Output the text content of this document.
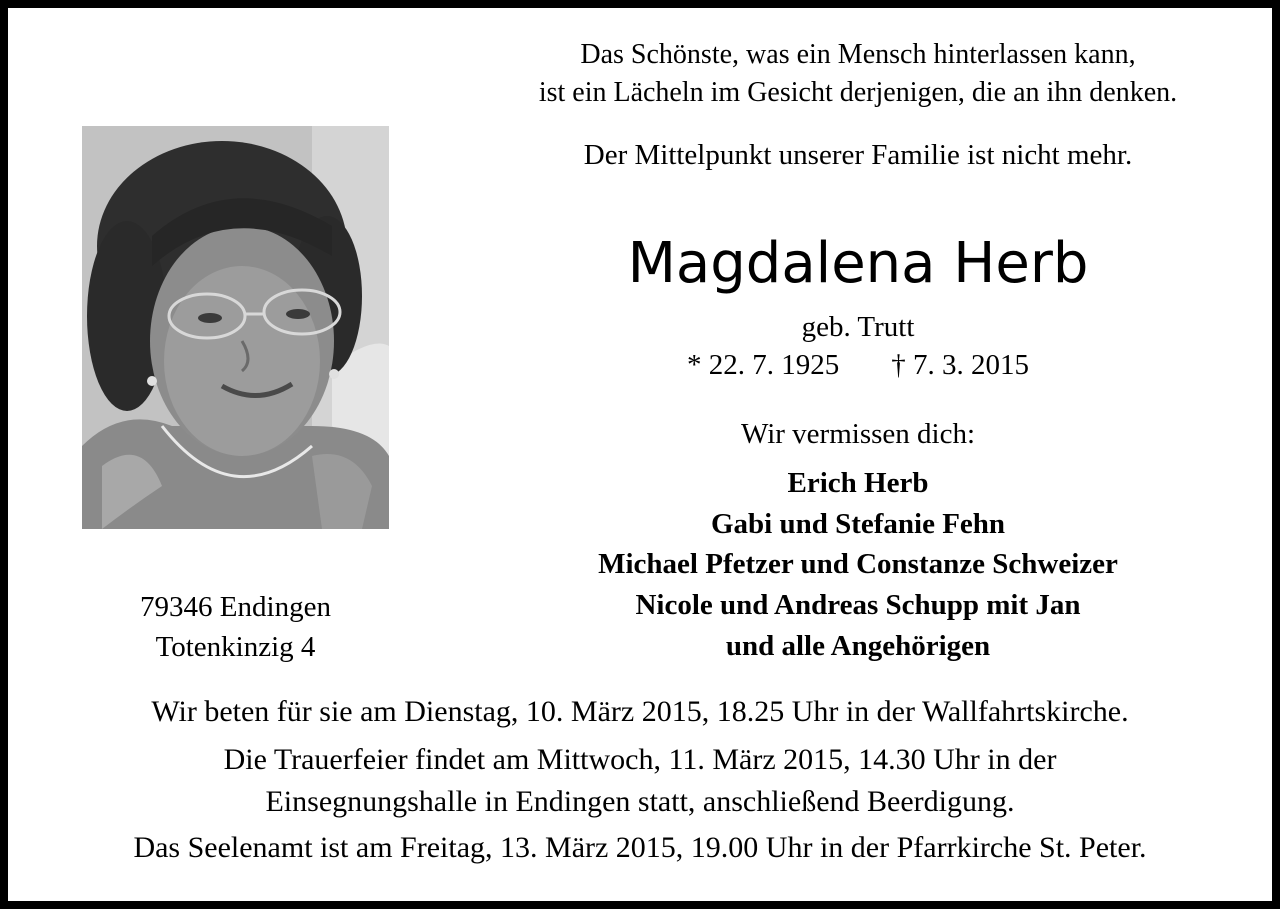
Das Schönste, was ein Mensch hinterlassen kann,
ist ein Lächeln im Gesicht derjenigen, die an ihn denken.
Der Mittelpunkt unserer Familie ist nicht mehr.
Magdalena Herb
geb. Trutt
* 22. 7. 1925 † 7. 3. 2015
79346 Endingen
Totenkinzig 4
Wir vermissen dich:
Erich Herb
Gabi und Stefanie Fehn
Michael Pfetzer und Constanze Schweizer
Nicole und Andreas Schupp mit Jan
und alle Angehörigen
Wir beten für sie am Dienstag, 10. März 2015, 18.25 Uhr in der Wallfahrtskirche.
Die Trauerfeier findet am Mittwoch, 11. März 2015, 14.30 Uhr in der
Einsegnungshalle in Endingen statt, anschließend Beerdigung.
Das Seelenamt ist am Freitag, 13. März 2015, 19.00 Uhr in der Pfarrkirche St. Peter.
